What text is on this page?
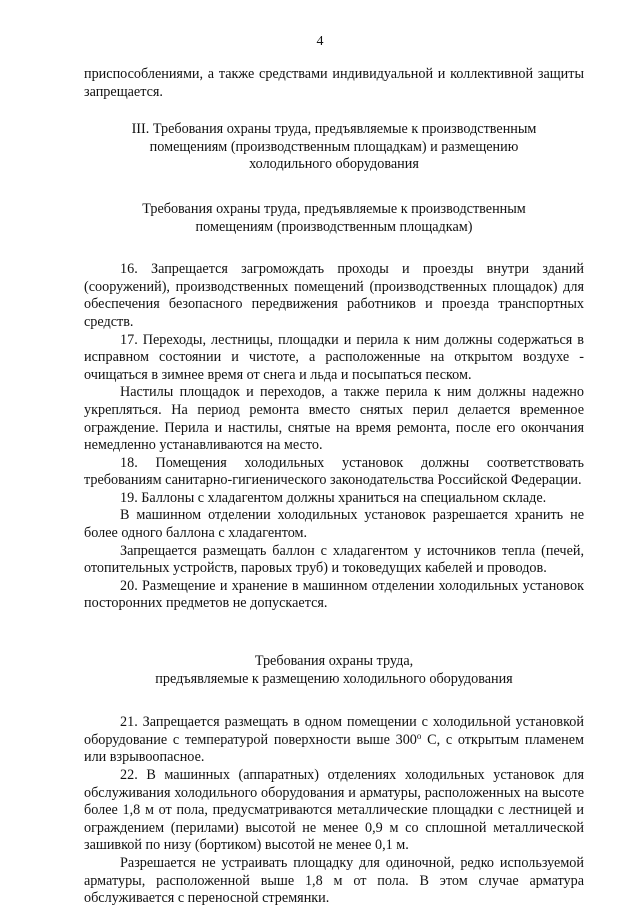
4

приспособлениями, а также средствами индивидуальной и коллективной защиты запрещается.

III. Требования охраны труда, предъявляемые к производственным
помещениям (производственным площадкам) и размещению
холодильного оборудования
Требования охраны труда, предъявляемые к производственным
помещениям (производственным площадкам)

16. Запрещается загромождать проходы и проезды внутри зданий (сооружений), производственных помещений (производственных площадок) для обеспечения безопасного передвижения работников и проезда транспортных средств.

17. Переходы, лестницы, площадки и перила к ним должны содержаться в исправном состоянии и чистоте, а расположенные на открытом воздухе - очищаться в зимнее время от снега и льда и посыпаться песком.

Настилы площадок и переходов, а также перила к ним должны надежно укрепляться. На период ремонта вместо снятых перил делается временное ограждение. Перила и настилы, снятые на время ремонта, после его окончания немедленно устанавливаются на место.

18. Помещения холодильных установок должны соответствовать требованиям санитарно-гигиенического законодательства Российской Федерации.

19. Баллоны с хладагентом должны храниться на специальном складе.

В машинном отделении холодильных установок разрешается хранить не более одного баллона с хладагентом.

Запрещается размещать баллон с хладагентом у источников тепла (печей, отопительных устройств, паровых труб) и токоведущих кабелей и проводов.

20. Размещение и хранение в машинном отделении холодильных установок посторонних предметов не допускается.

Требования охраны труда,
предъявляемые к размещению холодильного оборудования

21. Запрещается размещать в одном помещении с холодильной установкой оборудование с температурой поверхности выше $300^о$ С, с открытым пламенем или взрывоопасное.

22. В машинных (аппаратных) отделениях холодильных установок для обслуживания холодильного оборудования и арматуры, расположенных на высоте более 1,8 м от пола, предусматриваются металлические площадки с лестницей и ограждением (перилами) высотой не менее 0,9 м со сплошной металлической зашивкой по низу (бортиком) высотой не менее 0,1 м.

Разрешается не устраивать площадку для одиночной, редко используемой арматуры, расположенной выше 1,8 м от пола. В этом случае арматура обслуживается с переносной стремянки.
